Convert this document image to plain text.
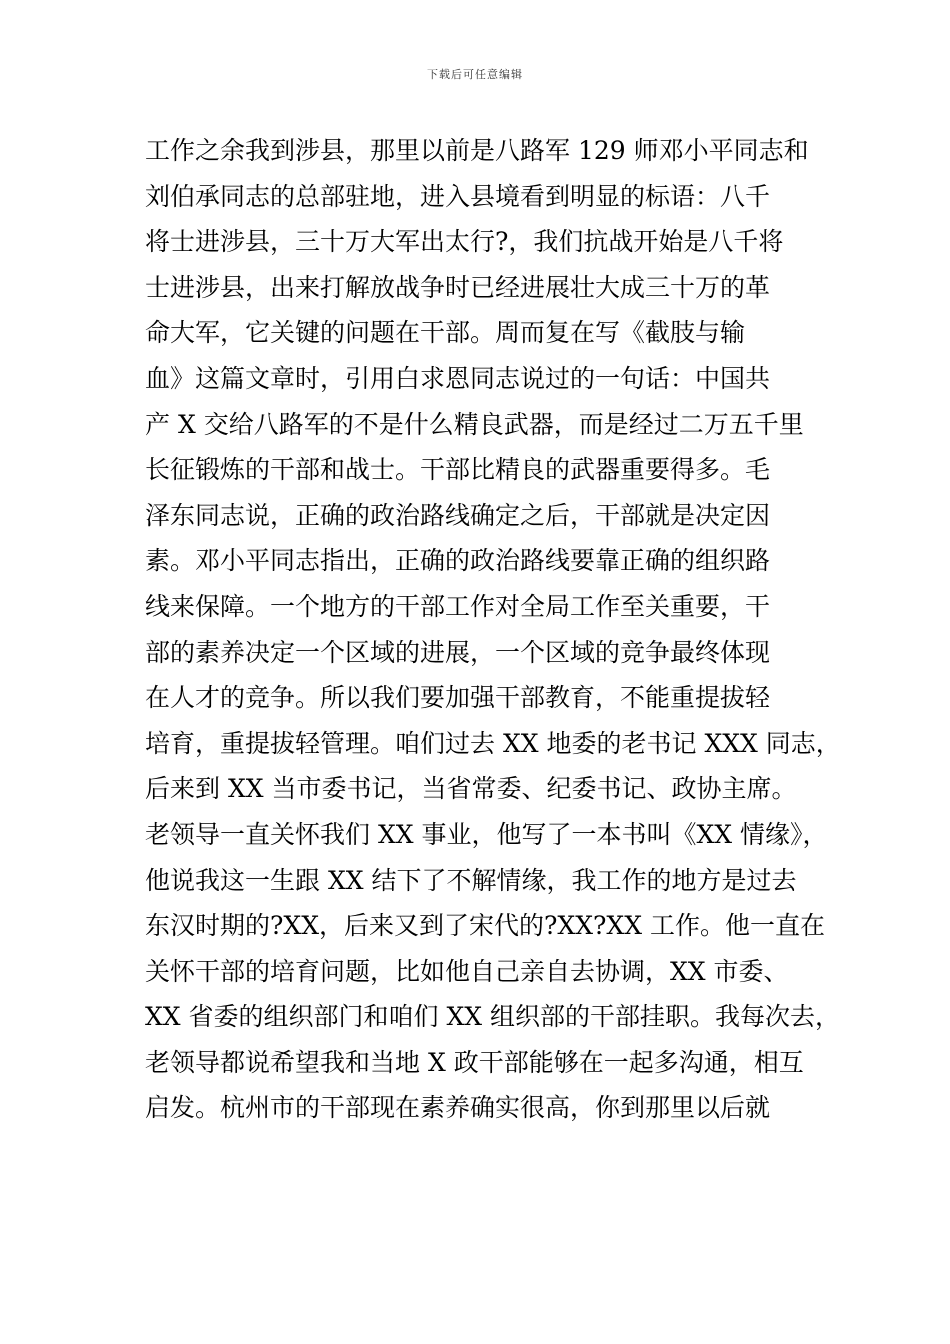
下载后可任意编辑
工作之余我到涉县，那里以前是八路军 129 师邓小平同志和
刘伯承同志的总部驻地，进入县境看到明显的标语：八千
将士进涉县，三十万大军出太行?，我们抗战开始是八千将
士进涉县，出来打解放战争时已经进展壮大成三十万的革
命大军，它关键的问题在干部。周而复在写《截肢与输
血》这篇文章时，引用白求恩同志说过的一句话：中国共
产 X 交给八路军的不是什么精良武器，而是经过二万五千里
长征锻炼的干部和战士。干部比精良的武器重要得多。毛
泽东同志说，正确的政治路线确定之后，干部就是决定因
素。邓小平同志指出，正确的政治路线要靠正确的组织路
线来保障。一个地方的干部工作对全局工作至关重要，干
部的素养决定一个区域的进展，一个区域的竞争最终体现
在人才的竞争。所以我们要加强干部教育，不能重提拔轻
培育，重提拔轻管理。咱们过去 XX 地委的老书记 XXX 同志，
后来到 XX 当市委书记，当省常委、纪委书记、政协主席。
老领导一直关怀我们 XX 事业，他写了一本书叫《XX 情缘》，
他说我这一生跟 XX 结下了不解情缘，我工作的地方是过去
东汉时期的?XX，后来又到了宋代的?XX?XX 工作。他一直在
关怀干部的培育问题，比如他自己亲自去协调，XX 市委、
XX 省委的组织部门和咱们 XX 组织部的干部挂职。我每次去，
老领导都说希望我和当地 X 政干部能够在一起多沟通，相互
启发。杭州市的干部现在素养确实很高，你到那里以后就
